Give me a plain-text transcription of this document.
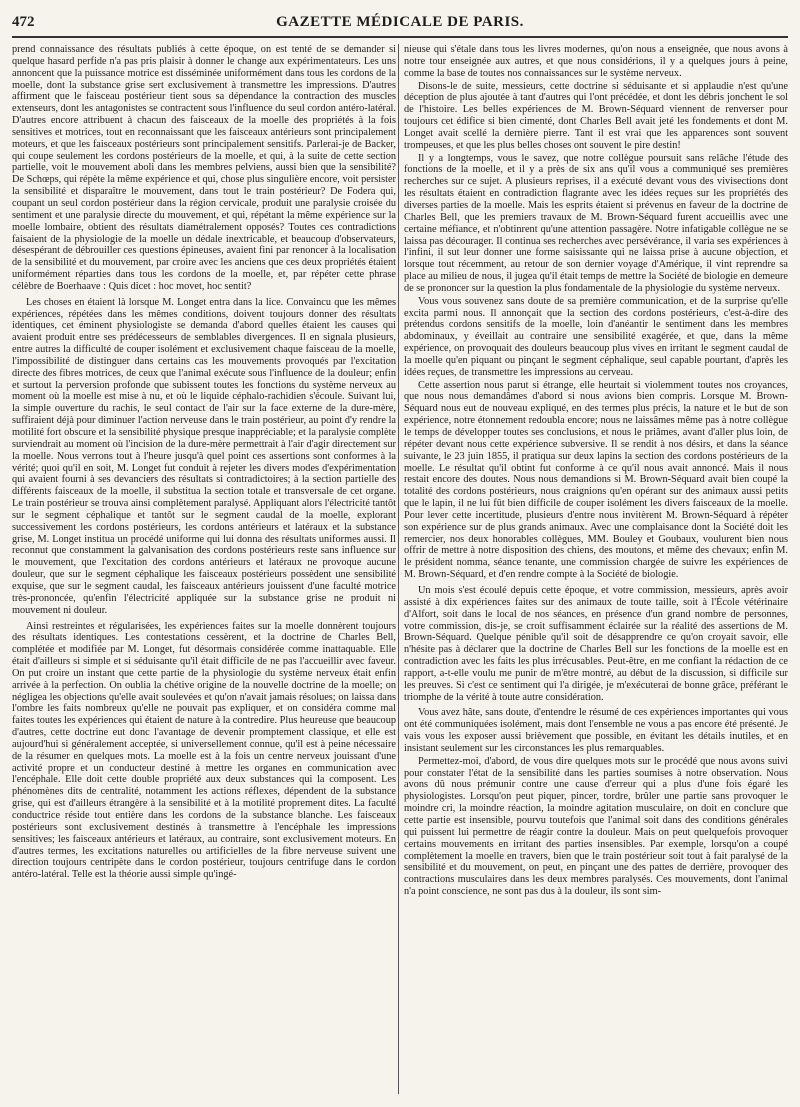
472	GAZETTE MÉDICALE DE PARIS.

prend connaissance des résultats publiés à cette époque, on est tenté de se demander si quelque hasard perfide n'a pas pris plaisir à donner le change aux expérimentateurs. Les uns annoncent que la puissance motrice est disséminée uniformément dans tous les cordons de la moelle, dont la substance grise sert exclusivement à transmettre les impressions. D'autres affirment que le faisceau postérieur tient sous sa dépendance la contraction des muscles extenseurs, dont les antagonistes se contractent sous l'influence du seul cordon antéro-latéral. D'autres encore attribuent à chacun des faisceaux de la moelle des propriétés à la fois sensitives et motrices, tout en reconnaissant que les faisceaux antérieurs sont principalement moteurs, et que les faisceaux postérieurs sont principalement sensitifs. Parlerai-je de Backer, qui coupe seulement les cordons postérieurs de la moelle, et qui, à la suite de cette section partielle, voit le mouvement aboli dans les membres pelviens, aussi bien que la sensibilité? De Schœps, qui répète la même expérience et qui, chose plus singulière encore, voit persister la sensibilité et disparaître le mouvement, dans tout le train postérieur? De Fodera qui, coupant un seul cordon postérieur dans la région cervicale, produit une paralysie croisée du sentiment et une paralysie directe du mouvement, et qui, répétant la même expérience sur la moelle lombaire, obtient des résultats diamétralement opposés? Toutes ces contradictions faisaient de la physiologie de la moelle un dédale inextricable, et beaucoup d'observateurs, désespérant de débrouiller ces questions épineuses, avaient fini par renoncer à la localisation de la sensibilité et du mouvement, par croire avec les anciens que ces deux propriétés étaient uniformément réparties dans tous les cordons de la moelle, et, par répéter cette phrase célèbre de Boerhaave : Quis dicet : hoc movet, hoc sentit?

Les choses en étaient là lorsque M. Longet entra dans la lice. Convaincu que les mêmes expériences, répétées dans les mêmes conditions, doivent toujours donner des résultats identiques, cet éminent physiologiste se demanda d'abord quelles étaient les causes qui avaient produit entre ses prédécesseurs de semblables divergences. Il en signala plusieurs, entre autres la difficulté de couper isolément et exclusivement chaque faisceau de la moelle, l'impossibilité de distinguer dans certains cas les mouvements provoqués par l'excitation directe des fibres motrices, de ceux que l'animal exécute sous l'influence de la douleur; enfin et surtout la perversion profonde que subissent toutes les fonctions du système nerveux au moment où la moelle est mise à nu, et où le liquide céphalo-rachidien s'écoule. Suivant lui, la simple ouverture du rachis, le seul contact de l'air sur la face externe de la dure-mère, suffiraient déjà pour diminuer l'action nerveuse dans le train postérieur, au point d'y rendre la motilité fort obscure et la sensibilité physique presque inappréciable; et la paralysie complète surviendrait au moment où l'incision de la dure-mère permettrait à l'air d'agir directement sur la moelle. Nous verrons tout à l'heure jusqu'à quel point ces assertions sont conformes à la vérité; quoi qu'il en soit, M. Longet fut conduit à rejeter les divers modes d'expérimentation qui avaient fourni à ses devanciers des résultats si contradictoires; à la section partielle des différents faisceaux de la moelle, il substitua la section totale et transversale de cet organe. Le train postérieur se trouva ainsi complètement paralysé. Appliquant alors l'électricité tantôt sur le segment céphalique et tantôt sur le segment caudal de la moelle, explorant successivement les cordons postérieurs, les cordons antérieurs et latéraux et la substance grise, M. Longet institua un procédé uniforme qui lui donna des résultats uniformes aussi. Il reconnut que constamment la galvanisation des cordons postérieurs reste sans influence sur le mouvement, que l'excitation des cordons antérieurs et latéraux ne provoque aucune douleur, que sur le segment céphalique les faisceaux postérieurs possèdent une sensibilité exquise, que sur le segment caudal, les faisceaux antérieurs jouissent d'une faculté motrice très-prononcée, qu'enfin l'électricité appliquée sur la substance grise ne produit ni mouvement ni douleur.

Ainsi restreintes et régularisées, les expériences faites sur la moelle donnèrent toujours des résultats identiques. Les contestations cessèrent, et la doctrine de Charles Bell, complétée et modifiée par M. Longet, fut désormais considérée comme inattaquable. Elle était d'ailleurs si simple et si séduisante qu'il était difficile de ne pas l'accueillir avec faveur. On put croire un instant que cette partie de la physiologie du système nerveux était enfin arrivée à la perfection. On oublia la chétive origine de la nouvelle doctrine de la moelle; on négligea les objections qu'elle avait soulevées et qu'on n'avait jamais résolues; on laissa dans l'ombre les faits nombreux qu'elle ne pouvait pas expliquer, et on considéra comme mal faites toutes les expériences qui étaient de nature à la contredire. Plus heureuse que beaucoup d'autres, cette doctrine eut donc l'avantage de devenir promptement classique, et elle est aujourd'hui si généralement acceptée, si universellement connue, qu'il est à peine nécessaire de la résumer en quelques mots. La moelle est à la fois un centre nerveux jouissant d'une activité propre et un conducteur destiné à mettre les organes en communication avec l'encéphale. Elle doit cette double propriété aux deux substances qui la composent. Les phénomènes dits de centralité, notamment les actions réflexes, dépendent de la substance grise, qui est d'ailleurs étrangère à la sensibilité et à la motilité proprement dites. La faculté conductrice réside tout entière dans les cordons de la substance blanche. Les faisceaux postérieurs sont exclusivement destinés à transmettre à l'encéphale les impressions sensitives; les faisceaux antérieurs et latéraux, au contraire, sont exclusivement moteurs. En d'autres termes, les excitations naturelles ou artificielles de la fibre nerveuse suivent une direction toujours centripète dans le cordon postérieur, toujours centrifuge dans le cordon antéro-latéral. Telle est la théorie aussi simple qu'ingé-

nieuse qui s'étale dans tous les livres modernes, qu'on nous a enseignée, que nous avons à notre tour enseignée aux autres, et que nous considérions, il y a quelques jours à peine, comme la base de toutes nos connaissances sur le système nerveux.

Disons-le de suite, messieurs, cette doctrine si séduisante et si applaudie n'est qu'une déception de plus ajoutée à tant d'autres qui l'ont précédée, et dont les débris jonchent le sol de l'histoire. Les belles expériences de M. Brown-Séquard viennent de renverser pour toujours cet édifice si bien cimenté, dont Charles Bell avait jeté les fondements et dont M. Longet avait scellé la dernière pierre. Tant il est vrai que les apparences sont souvent trompeuses, et que les plus belles choses ont souvent le pire destin!

Il y a longtemps, vous le savez, que notre collègue poursuit sans relâche l'étude des fonctions de la moelle, et il y a près de six ans qu'il vous a communiqué ses premières recherches sur ce sujet. A plusieurs reprises, il a exécuté devant vous des vivisections dont les résultats étaient en contradiction flagrante avec les idées reçues sur les propriétés des diverses parties de la moelle. Mais les esprits étaient si prévenus en faveur de la doctrine de Charles Bell, que les premiers travaux de M. Brown-Séquard furent accueillis avec une certaine méfiance, et n'obtinrent qu'une attention passagère. Notre infatigable collègue ne se laissa pas décourager. Il continua ses recherches avec persévérance, il varia ses expériences à l'infini, il sut leur donner une forme saisissante qui ne laissa prise à aucune objection, et lorsque tout récemment, au retour de son dernier voyage d'Amérique, il vint reprendre sa place au milieu de nous, il jugea qu'il était temps de mettre la Société de biologie en demeure de se prononcer sur la question la plus fondamentale de la physiologie du système nerveux.

Vous vous souvenez sans doute de sa première communication, et de la surprise qu'elle excita parmi nous. Il annonçait que la section des cordons postérieurs, c'est-à-dire des prétendus cordons sensitifs de la moelle, loin d'anéantir le sentiment dans les membres abdominaux, y éveillait au contraire une sensibilité exagérée, et que, dans la même expérience, on provoquait des douleurs beaucoup plus vives en irritant le segment caudal de la moelle qu'en piquant ou pinçant le segment céphalique, seul capable pourtant, d'après les idées reçues, de transmettre les impressions au cerveau.

Cette assertion nous parut si étrange, elle heurtait si violemment toutes nos croyances, que nous nous demandâmes d'abord si nous avions bien compris. Lorsque M. Brown-Séquard nous eut de nouveau expliqué, en des termes plus précis, la nature et le but de son expérience, notre étonnement redoubla encore; nous ne laissâmes même pas à notre collègue le temps de développer toutes ses conclusions, et nous le priâmes, avant d'aller plus loin, de répéter devant nous cette expérience subversive. Il se rendit à nos désirs, et dans la séance suivante, le 23 juin 1855, il pratiqua sur deux lapins la section des cordons postérieurs de la moelle. Le résultat qu'il obtint fut conforme à ce qu'il nous avait annoncé. Mais il nous restait encore des doutes. Nous nous demandions si M. Brown-Séquard avait bien coupé la totalité des cordons postérieurs, nous craignions qu'en opérant sur des animaux aussi petits que le lapin, il ne lui fût bien difficile de couper isolément les divers faisceaux de la moelle. Pour lever cette incertitude, plusieurs d'entre nous invitèrent M. Brown-Séquard à répéter son expérience sur de plus grands animaux. Avec une complaisance dont la Société doit les remercier, nos deux honorables collègues, MM. Bouley et Goubaux, voulurent bien nous offrir de mettre à notre disposition des chiens, des moutons, et même des chevaux; enfin M. le président nomma, séance tenante, une commission chargée de suivre les expériences de M. Brown-Séquard, et d'en rendre compte à la Société de biologie.

Un mois s'est écoulé depuis cette époque, et votre commission, messieurs, après avoir assisté à dix expériences faites sur des animaux de toute taille, soit à l'École vétérinaire d'Alfort, soit dans le local de nos séances, en présence d'un grand nombre de personnes, votre commission, dis-je, se croit suffisamment éclairée sur la réalité des assertions de M. Brown-Séquard. Quelque pénible qu'il soit de désapprendre ce qu'on croyait savoir, elle n'hésite pas à déclarer que la doctrine de Charles Bell sur les fonctions de la moelle est en contradiction avec les faits les plus irrécusables. Peut-être, en me confiant la rédaction de ce rapport, a-t-elle voulu me punir de m'être montré, au début de la discussion, si difficile sur les preuves. Si c'est ce sentiment qui l'a dirigée, je m'exécuterai de bonne grâce, préférant le triomphe de la vérité à toute autre considération.

Vous avez hâte, sans doute, d'entendre le résumé de ces expériences importantes qui vous ont été communiquées isolément, mais dont l'ensemble ne vous a pas encore été présenté. Je vais vous les exposer aussi brièvement que possible, en évitant les détails inutiles, et en insistant seulement sur les circonstances les plus remarquables.

Permettez-moi, d'abord, de vous dire quelques mots sur le procédé que nous avons suivi pour constater l'état de la sensibilité dans les parties soumises à notre observation. Nous avons dû nous prémunir contre une cause d'erreur qui a plus d'une fois égaré les physiologistes. Lorsqu'on peut piquer, pincer, tordre, brûler une partie sans provoquer le moindre cri, la moindre réaction, la moindre agitation musculaire, on doit en conclure que cette partie est insensible, pourvu toutefois que l'animal soit dans des conditions générales qui puissent lui permettre de réagir contre la douleur. Mais on peut quelquefois provoquer certains mouvements en irritant des parties insensibles. Par exemple, lorsqu'on a coupé complètement la moelle en travers, bien que le train postérieur soit tout à fait paralysé de la sensibilité et du mouvement, on peut, en pinçant une des pattes de derrière, provoquer des contractions musculaires dans les deux membres paralysés. Ces mouvements, dont l'animal n'a point conscience, ne sont pas dus à la douleur, ils sont sim-
